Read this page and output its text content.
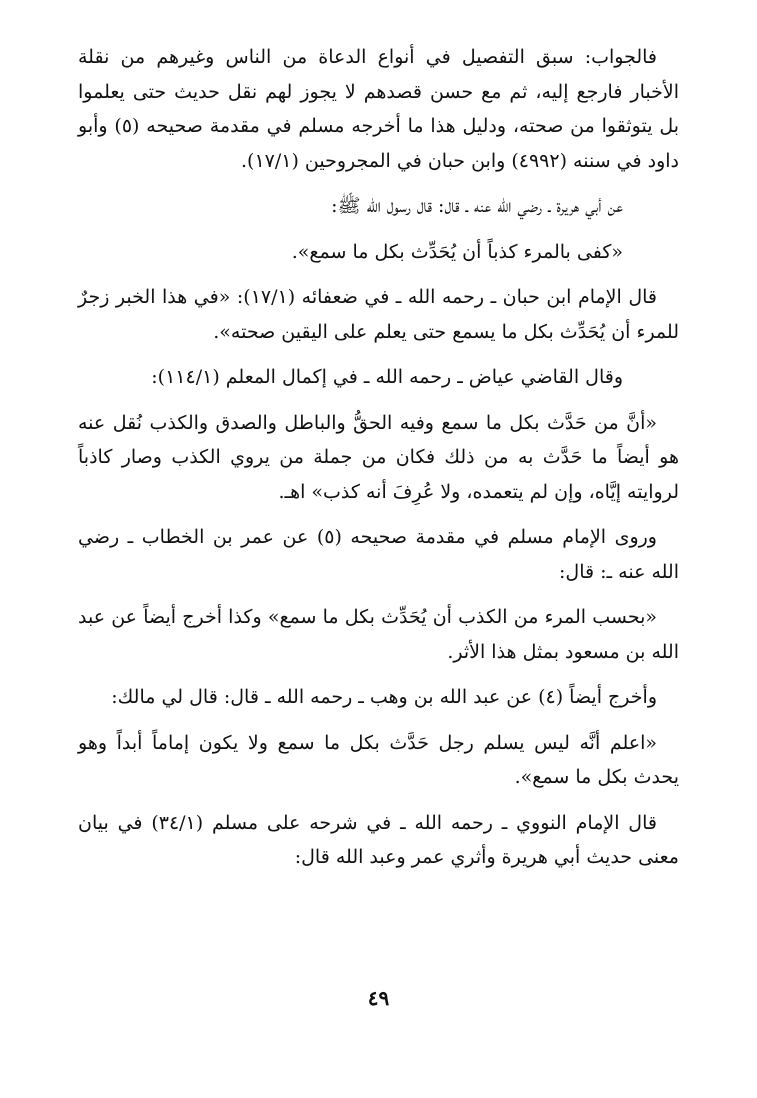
فالجواب: سبق التفصيل في أنواع الدعاة من الناس وغيرهم من نقلة الأخبار فارجع إليه، ثم مع حسن قصدهم لا يجوز لهم نقل حديث حتى يعلموا بل يتوثقوا من صحته، ودليل هذا ما أخرجه مسلم في مقدمة صحيحه (٥) وأبو داود في سننه (٤٩٩٢) وابن حبان في المجروحين (١٧/١).

عن أبي هريرة ـ رضي الله عنه ـ قال: قال رسول الله ﷺ:

«كفى بالمرء كذباً أن يُحَدِّث بكل ما سمع».

قال الإمام ابن حبان ـ رحمه الله ـ في ضعفائه (١٧/١): «في هذا الخبر زجرٌ للمرء أن يُحَدِّث بكل ما يسمع حتى يعلم على اليقين صحته».

وقال القاضي عياض ـ رحمه الله ـ في إكمال المعلم (١١٤/١):

«أنَّ من حَدَّث بكل ما سمع وفيه الحقُّ والباطل والصدق والكذب نُقل عنه هو أيضاً ما حَدَّث به من ذلك فكان من جملة من يروي الكذب وصار كاذباً لروايته إيَّاه، وإن لم يتعمده، ولا عُرِفَ أنه كذب» اهـ.

وروى الإمام مسلم في مقدمة صحيحه (٥) عن عمر بن الخطاب ـ رضي الله عنه ـ: قال:

«بحسب المرء من الكذب أن يُحَدِّث بكل ما سمع» وكذا أخرج أيضاً عن عبد الله بن مسعود بمثل هذا الأثر.

وأخرج أيضاً (٤) عن عبد الله بن وهب ـ رحمه الله ـ قال: قال لي مالك:

«اعلم أنَّه ليس يسلم رجل حَدَّث بكل ما سمع ولا يكون إماماً أبداً وهو يحدث بكل ما سمع».

قال الإمام النووي ـ رحمه الله ـ في شرحه على مسلم (٣٤/١) في بيان معنى حديث أبي هريرة وأثري عمر وعبد الله قال:

٤٩
